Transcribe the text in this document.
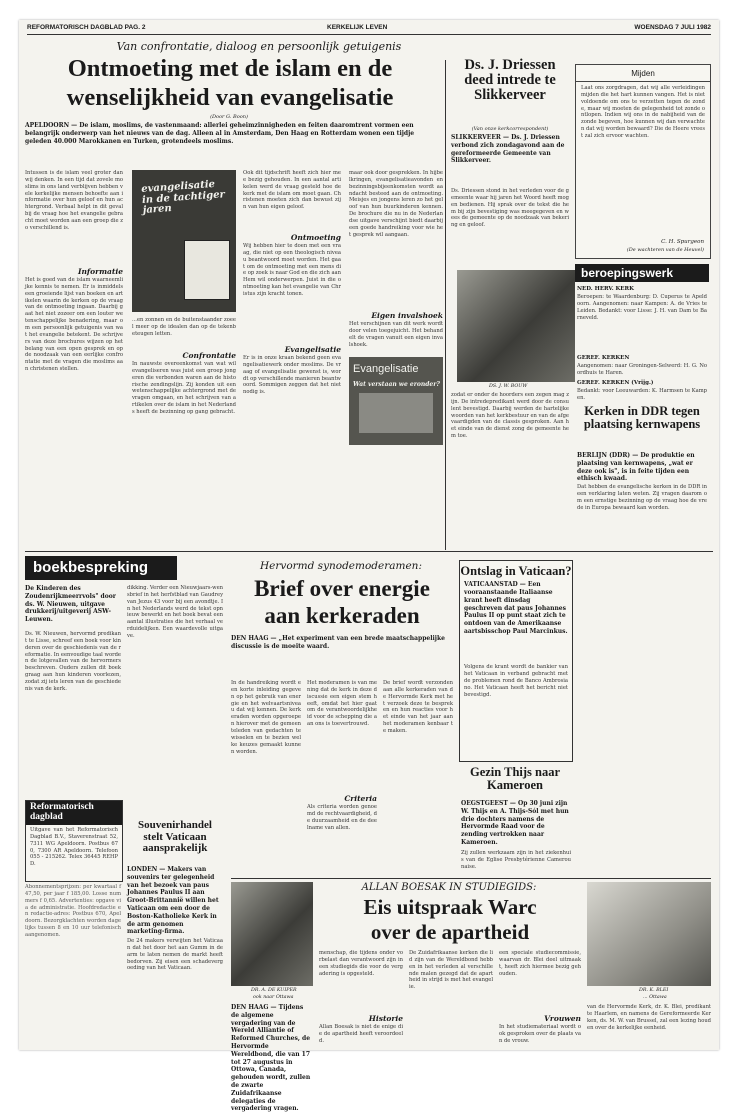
REFORMATORISCH DAGBLAD PAG. 2	KERKELIJK LEVEN	WOENSDAG 7 JULI 1982
Van confrontatie, dialoog en persoonlijk getuigenis
Ontmoeting met de islam en de
wenselijkheid van evangelisatie
(Door G. Boon)
APELDOORN — De islam, moslims, de vastenmaand: allerlei geheimzinnigheden en feiten daaromtrent vormen een belangrijk onderwerp van het nieuws van de dag. Alleen al in Amsterdam, Den Haag en Rotterdam wonen een tijdje geleden 40.000 Marokkanen en Turken, grotendeels moslims.
Intussen is de islam veel groter dan wij denken. In een tijd dat zovele moslims in ons land verblijven hebben vele kerkelijke mensen behoefte aan informatie over hun geloof en hun achtergrond. Verbaal helpt in dit geval bij de vraag hoe het evangelie gebracht moet worden aan een groep die zo verschillend is.
Informatie
Het is goed van de islam waarneemlijke kennis te nemen. Er is inmiddels een groeiende lijst van boeken en artikelen waarin de kerken op de vraag van de ontmoeting ingaan. Daarbij gaat het niet zozeer om een louter wetenschappelijke benadering, maar om een persoonlijk getuigenis van wat het evangelie betekent. De schrijvers van deze brochures wijzen op het belang van een open gesprek en op de noodzaak van een eerlijke confrontatie met de vragen die moslims aan christenen stellen.
evangelisatie in de tachtiger jaren
...en zonnen en de buitenstaander zoeel meer op de idealen dan op de tekenbeteugen letten.
Confrontatie
In nauwste overeenkomst van wat wil evangeliseren was juist een groep jongeren die verbonden waren aan de historische zendingslijn. Zij konden uit een wetenschappelijke achtergrond met de vragen omgaan, en het schrijven van artikelen over de islam in het Nederlands heeft de bezinning op gang gebracht.
Ook dit tijdschrift heeft zich hier mee bezig gehouden. In een aantal artikelen werd de vraag gesteld hoe de kerk met de islam om moet gaan. Christenen moeten zich dan bewust zijn van hun eigen geloof.
Ontmoeting
Wij hebben hier te doen met een vraag, die niet op een theologisch niveau beantwoord moet worden. Het gaat om de ontmoeting met een mens die op zoek is naar God en die zich aan Hem wil onderwerpen. Juist in die ontmoeting kan het evangelie van Christus zijn kracht tonen.
Evangelisatie
Er is in onze kraan bekend geen evangelisatiewerk onder moslims. De vraag of evangelisatie gewenst is, wordt op verschillende manieren beantwoord. Sommigen zeggen dat het niet nodig is.
maar ook door gesprekken. In hijbelkringen, evangelisatieavonden en bezinningsbijeenkomsten wordt aandacht besteed aan de ontmoeting. Meisjes en jongens leren zo het geloof van hun buurkinderen kennen. De brochure die nu in de Nederlandse uitgave verschijnt biedt daarbij een goede handreiking voor wie het gesprek wil aangaan.
Eigen invalshoek
Het verschijnen van dit werk wordt door velen toegejuicht. Het behandelt de vragen vanuit een eigen invalshoek.
Evangelisatie
Wat verstaan we eronder?
Ds. J. Driessen deed intrede te Slikkerveer
(Van onze kerkcorrespondent)
SLIKKERVEER — Ds. J. Driessen verbond zich zondagavond aan de gereformeerde Gemeente van Slikkerveer.
Ds. Driessen stond in het verleden voor de gemeente waar hij jaren het Woord heeft mogen bedienen. Hij sprak over de tekst die hem bij zijn bevestiging was meegegeven en wees de gemeente op de noodzaak van bekering en geloof.
DS. J. W. BOUW
zodat er onder de hoorders een zegen mag zijn. De intredepredikant werd door de consulent bevestigd. Daarbij werden de hartelijke woorden van het kerkbestuur en van de afgevaardigden van de classis gesproken. Aan het einde van de dienst zong de gemeente hem toe.
Mijden
Laat ons zorgdragen, dat wij alle verleidingen mijden die het hart kunnen vangen. Het is niet voldoende om ons te verzetten tegen de zonde, maar wij moeten de gelegenheid tot zonde ontlopen. Indien wij ons in de nabijheid van de zonde begeven, hoe kunnen wij dan verwachten dat wij worden bewaard? Die de Heere vreest zal zich ervoor wachten.
C. H. Spurgeon
(De wachteren van de Heuvel)
beroepingswerk
NED. HERV. KERK
Beroepen: te Waardenburg: D. Cuperus te Apeldoorn. Aangenomen: naar Kampen: A. de Vries te Leiden. Bedankt: voor Lisse: J. H. van Dam te Barneveld.
GEREF. KERKEN
Aangenomen: naar Groningen-Selwerd: H. G. Noordhuis te Haren.
GEREF. KERKEN (Vrijg.)
Bedankt: voor Leeuwarden: K. Harmsen te Kampen.
Kerken in DDR tegen plaatsing kernwapens
BERLIJN (DDR) — De produktie en plaatsing van kernwapens, „wat er deze ook is", is in feite tijden een ethisch kwaad.
Dat hebben de evangelische kerken in de DDR in een verklaring laten weten. Zij vragen daarom om een ernstige bezinning op de vraag hoe de vrede in Europa bewaard kan worden.
boekbespreking
De Kinderen des Zoudenrijkmeerrvols" door ds. W. Nieuwen, uitgave drukkerij/uitgeverij ASW-Leuwen.
Ds. W. Nieuwen, hervormd predikant te Lisse, schreef een boek voor kinderen over de geschiedenis van de reformatie. In eenvoudige taal worden de lotgevallen van de hervormers beschreven. Ouders zullen dit boek graag aan hun kinderen voorlezen, zodat zij iets leren van de geschiedenis van de kerk.
dikking. Verder een Nieuwjaars-wensbrief in het herfstblad van Gaudrey van Jezus 43 voor bij een avondtje. In het Nederlands werd de tekst opnieuw bewerkt en het boek bevat een aantal illustraties die het verhaal verduidelijken. Een waardevolle uitgave.
Reformatorisch
dagblad
Uitgave van het Reformatorisch Dagblad B.V., Staverenstraat 52, 7311 WG Apeldoorn. Postbus 670, 7300 AR Apeldoorn. Telefoon 055 - 215262. Telex 36445 REHPD.
Abonnementsprijzen: per kwartaal f 47,50, per jaar f 185,00. Losse nummers f 0,65. Advertenties: opgave via de administratie. Hoofdredactie en redactie-adres: Postbus 670, Apeldoorn. Bezorgklachten worden dagelijks tussen 8 en 10 uur telefonisch aangenomen.
Souvenirhandel stelt Vaticaan aansprakelijk
LONDEN — Makers van souvenirs ter gelegenheid van het bezoek van paus Johannes Paulus II aan Groot-Brittannië willen het Vaticaan om een door de Boston-Katholieke Kerk in de arm genomen marketing-firma.
De 24 makers verwijten het Vaticaan dat het door het aan Gumm in de arm te laten nemen de markt heeft bedorven. Zij eisen een schadevergoeding van het Vaticaan.
Hervormd synodemoderamen:
Brief over energie
aan kerkeraden
DEN HAAG — „Het experiment van een brede maatschappelijke discussie is de moeite waard.
In de handreiking wordt een korte inleiding gegeven op het gebruik van energie en het welvaartsniveau dat wij kennen. De kerkeraden worden opgeroepen hierover met de gemeenteleden van gedachten te wisselen en te bezien welke keuzes gemaakt kunnen worden.
Het moderamen is van mening dat de kerk in deze discussie een eigen stem heeft, omdat het hier gaat om de verantwoordelijkheid voor de schepping die aan ons is toevertrouwd.
Criteria
Als criteria worden genoemd de rechtvaardigheid, de duurzaamheid en de deelname van allen.
De brief wordt verzonden aan alle kerkeraden van de Hervormde Kerk met het verzoek deze te bespreken en hun reacties voor het einde van het jaar aan het moderamen kenbaar te maken.
Ontslag in Vaticaan?
VATICAANSTAD — Een vooraanstaande Italiaanse krant heeft dinsdag geschreven dat paus Johannes Paulus II op punt staat zich te ontdoen van de Amerikaanse aartsbisschop Paul Marcinkus.
Volgens de krant wordt de bankier van het Vaticaan in verband gebracht met de problemen rond de Banco Ambrosiano. Het Vaticaan heeft het bericht niet bevestigd.
Gezin Thijs naar Kameroen
OEGSTGEEST — Op 30 juni zijn W. Thijs en A. Thijs-Sól met hun drie dochters namens de Hervormde Raad voor de zending vertrokken naar Kameroen.
Zij zullen werkzaam zijn in het ziekenhuis van de Eglise Presbytérienne Camerounaise.
ALLAN BOESAK IN STUDIEGIDS:
Eis uitspraak Warc
over de apartheid
DR. A. DE KUIPER
ook naar Ottawa
DEN HAAG — Tijdens de algemene vergadering van de Wereld Alliantie of Reformed Churches, de Hervormde Wereldbond, die van 17 tot 27 augustus in Ottowa, Canada, gehouden wordt, zullen de zwarte Zuidafrikaanse delegaties de vergadering vragen.
menschap, die tijdens onder vorbelast dan verantwoord zijn in een studiegids die voor de vergadering is opgesteld.
Historie
Allan Boesak is niet de enige die de apartheid heeft veroordeeld.
De Zuidafrikaanse kerken die lid zijn van de Wereldbond hebben in het verleden al verschillende malen gezegd dat de apartheid in strijd is met het evangelie.
een speciale studiecommissie, waarvan dr. Blei deel uitmaakt, heeft zich hiermee bezig gehouden.
Vrouwen
In het studiemateriaal wordt ook gesproken over de plaats van de vrouw.
DR. K. BLEI
... Ottawa
van de Hervormde Kerk, dr. K. Blei, predikant te Haarlem, en namens de Gereformeerde Kerken, ds. M. W. van Brussel, zal een lezing houden over de kerkelijke eenheid.
